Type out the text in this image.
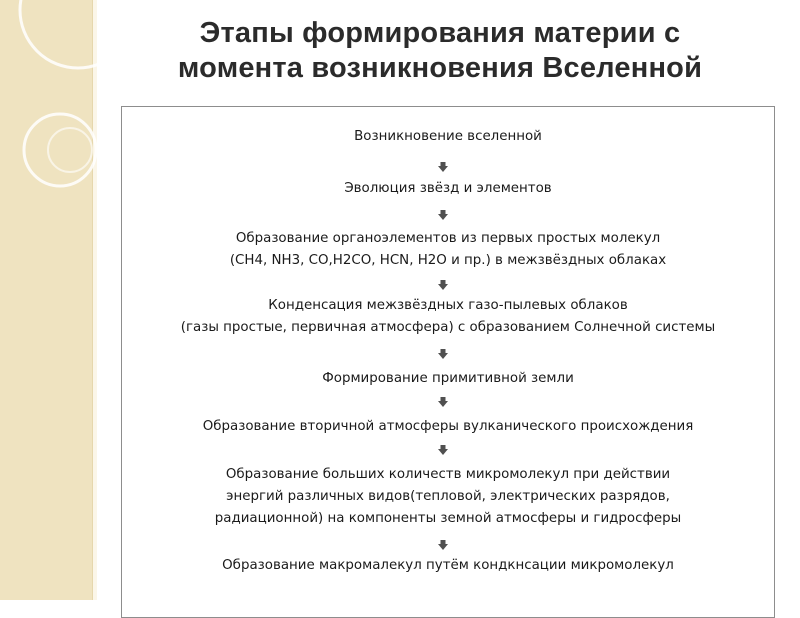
Этапы формирования материи с
момента возникновения Вселенной
Возникновение вселенной
Эволюция звёзд и элементов
Образование органоэлементов из первых простых молекул
(CH4, NH3, CO,H2CO, HCN, H2O и пр.) в межзвёздных облаках
Конденсация межзвёздных газо-пылевых облаков
(газы простые, первичная атмосфера) с образованием Солнечной системы
Формирование примитивной земли
Образование вторичной атмосферы вулканического происхождения
Образование больших количеств микромолекул при действии
энергий различных видов(тепловой, электрических разрядов,
радиационной) на компоненты земной атмосферы и гидросферы
Образование макромалекул путём кондкнсации микромолекул
